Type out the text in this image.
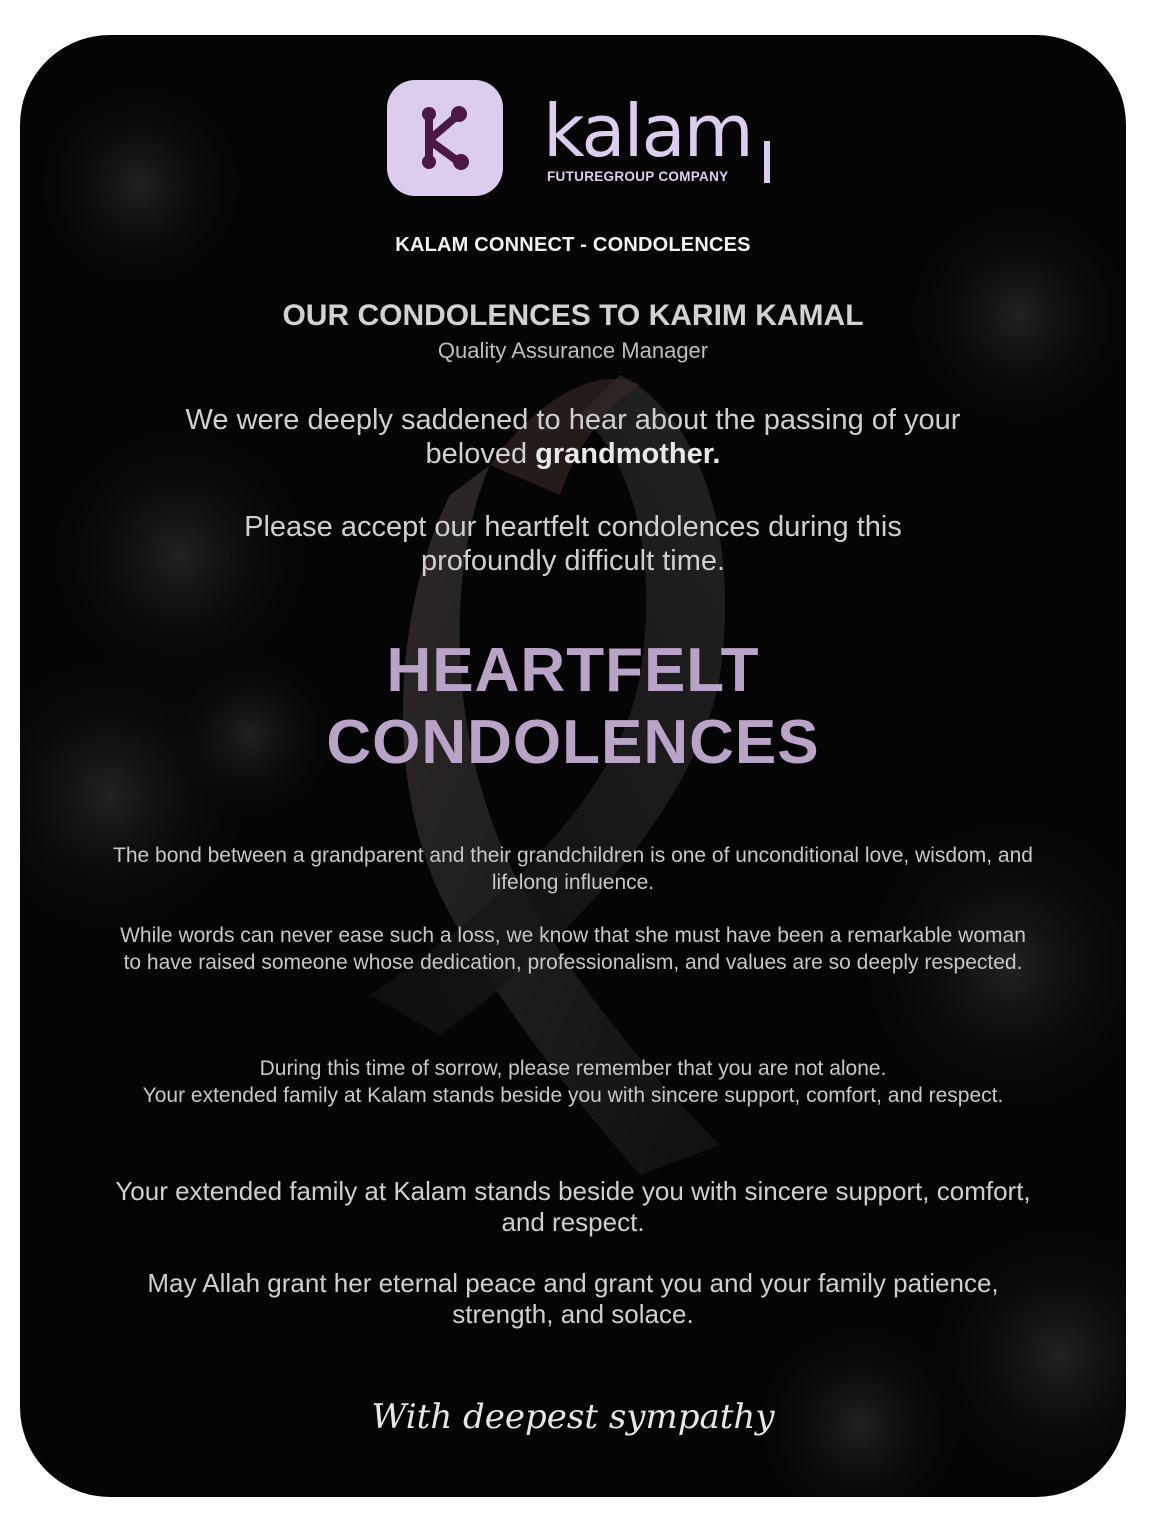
kalam
FUTUREGROUP COMPANY
KALAM CONNECT - CONDOLENCES
OUR CONDOLENCES TO KARIM KAMAL
Quality Assurance Manager
We were deeply saddened to hear about the passing of your beloved grandmother.
Please accept our heartfelt condolences during this profoundly difficult time.
HEARTFELT
CONDOLENCES
The bond between a grandparent and their grandchildren is one of unconditional love, wisdom, and lifelong influence.
While words can never ease such a loss, we know that she must have been a remarkable woman to have raised someone whose dedication, professionalism, and values are so deeply respected.
During this time of sorrow, please remember that you are not alone.
Your extended family at Kalam stands beside you with sincere support, comfort, and respect.
Your extended family at Kalam stands beside you with sincere support, comfort, and respect.
May Allah grant her eternal peace and grant you and your family patience, strength, and solace.
With deepest sympathy
